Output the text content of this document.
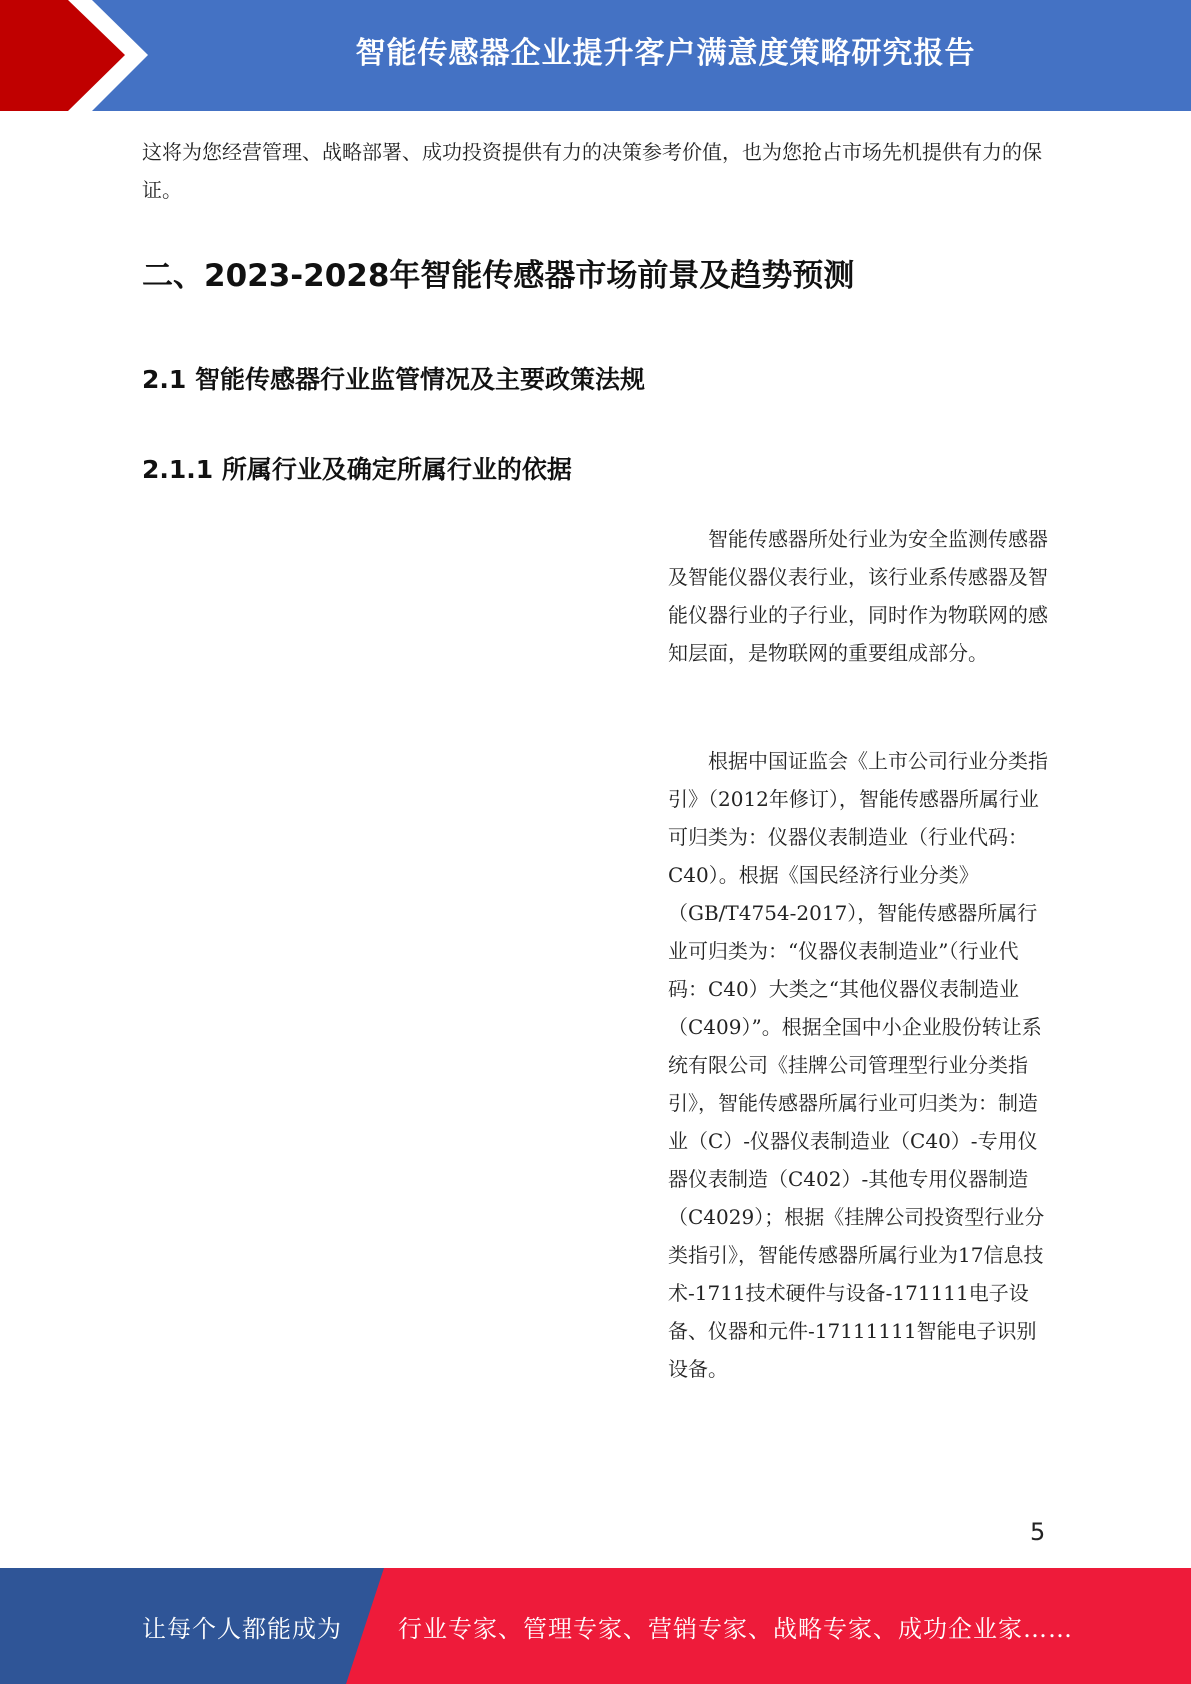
智能传感器企业提升客户满意度策略研究报告

这将为您经营管理、战略部署、成功投资提供有力的决策参考价值，也为您抢占市场先机提供有力的保证。

二、2023-2028年智能传感器市场前景及趋势预测
2.1 智能传感器行业监管情况及主要政策法规
2.1.1 所属行业及确定所属行业的依据

智能传感器所处行业为安全监测传感器及智能仪器仪表行业，该行业系传感器及智能仪器行业的子行业，同时作为物联网的感知层面，是物联网的重要组成部分。

根据中国证监会《上市公司行业分类指引》（2012年修订），智能传感器所属行业可归类为：仪器仪表制造业（行业代码：C40）。根据《国民经济行业分类》（GB/T4754-2017），智能传感器所属行业可归类为：“仪器仪表制造业”（行业代码：C40）大类之“其他仪器仪表制造业（C409）”。根据全国中小企业股份转让系统有限公司《挂牌公司管理型行业分类指引》，智能传感器所属行业可归类为：制造业（C）-仪器仪表制造业（C40）-专用仪器仪表制造（C402）-其他专用仪器制造（C4029）；根据《挂牌公司投资型行业分类指引》，智能传感器所属行业为17信息技术-1711技术硬件与设备-171111电子设备、仪器和元件-17111111智能电子识别设备。

5
让每个人都能成为 行业专家、管理专家、营销专家、战略专家、成功企业家……
